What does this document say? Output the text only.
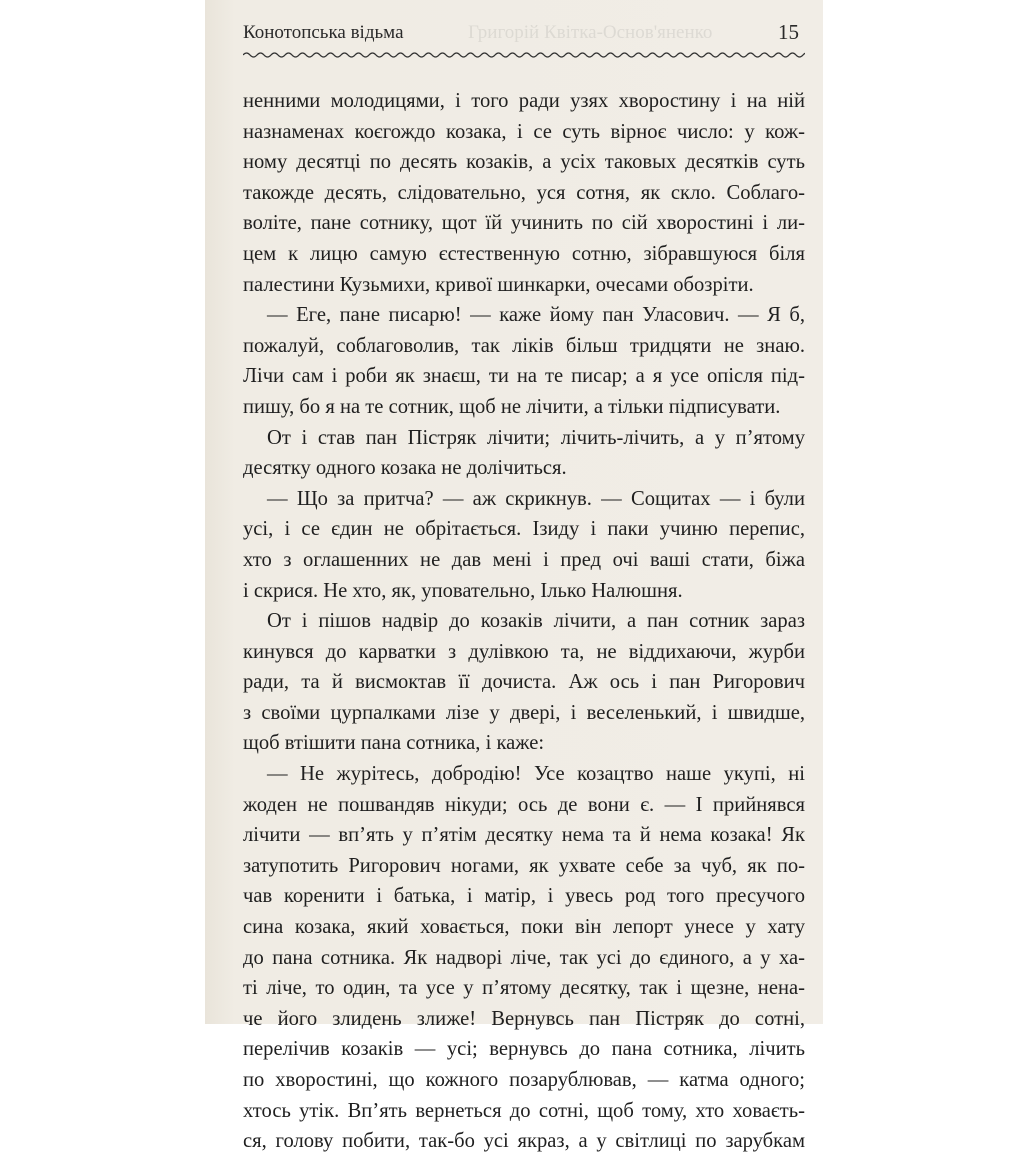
Конотопська відьма	Григорій Квітка-Основ'яненко	15
ненними молодицями, і того ради узях хворостину і на ній
назнаменах коєгождо козака, і се суть вірноє число: у кож-
ному десятці по десять козаків, а усіх таковых десятків суть
такожде десять, слідовательно, уся сотня, як скло. Соблаго-
воліте, пане сотнику, щот їй учинить по сій хворостині і ли-
цем к лицю самую єстественную сотню, зібравшуюся біля
палестини Кузьмихи, кривої шинкарки, очесами обозріти.
— Еге, пане писарю! — каже йому пан Уласович. — Я б,
пожалуй, соблаговолив, так ліків більш тридцяти не знаю.
Лічи сам і роби як знаєш, ти на те писар; а я усе опісля під-
пишу, бо я на те сотник, щоб не лічити, а тільки підписувати.
От і став пан Пістряк лічити; лічить-лічить, а у п’ятому
десятку одного козака не долічиться.
— Що за притча? — аж скрикнув. — Сощитах — і були
усі, і се єдин не обрітається. Ізиду і паки учиню перепис,
хто з оглашенних не дав мені і пред очі ваші стати, біжа
і скрися. Не хто, як, уповательно, Ілько Налюшня.
От і пішов надвір до козаків лічити, а пан сотник зараз
кинувся до карватки з дулівкою та, не віддихаючи, журби
ради, та й висмоктав її дочиста. Аж ось і пан Ригорович
з своїми цурпалками лізе у двері, і веселенький, і швидше,
щоб втішити пана сотника, і каже:
— Не журітесь, добродію! Усе козацтво наше укупі, ні
жоден не пошвандяв нікуди; ось де вони є. — І прийнявся
лічити — вп’ять у п’ятім десятку нема та й нема козака! Як
затупотить Ригорович ногами, як ухвате себе за чуб, як по-
чав коренити і батька, і матір, і увесь род того пресучого
сина козака, який ховається, поки він лепорт унесе у хату
до пана сотника. Як надворі ліче, так усі до єдиного, а у ха-
ті ліче, то один, та усе у п’ятому десятку, так і щезне, нена-
че його злидень злиже! Вернувсь пан Пістряк до сотні,
перелічив козаків — усі; вернувсь до пана сотника, лічить
по хворостині, що кожного позарублював, — катма одного;
хтось утік. Вп’ять вернеться до сотні, щоб тому, хто ховаєть-
ся, голову побити, так-бо усі якраз, а у світлиці по зарубкам
